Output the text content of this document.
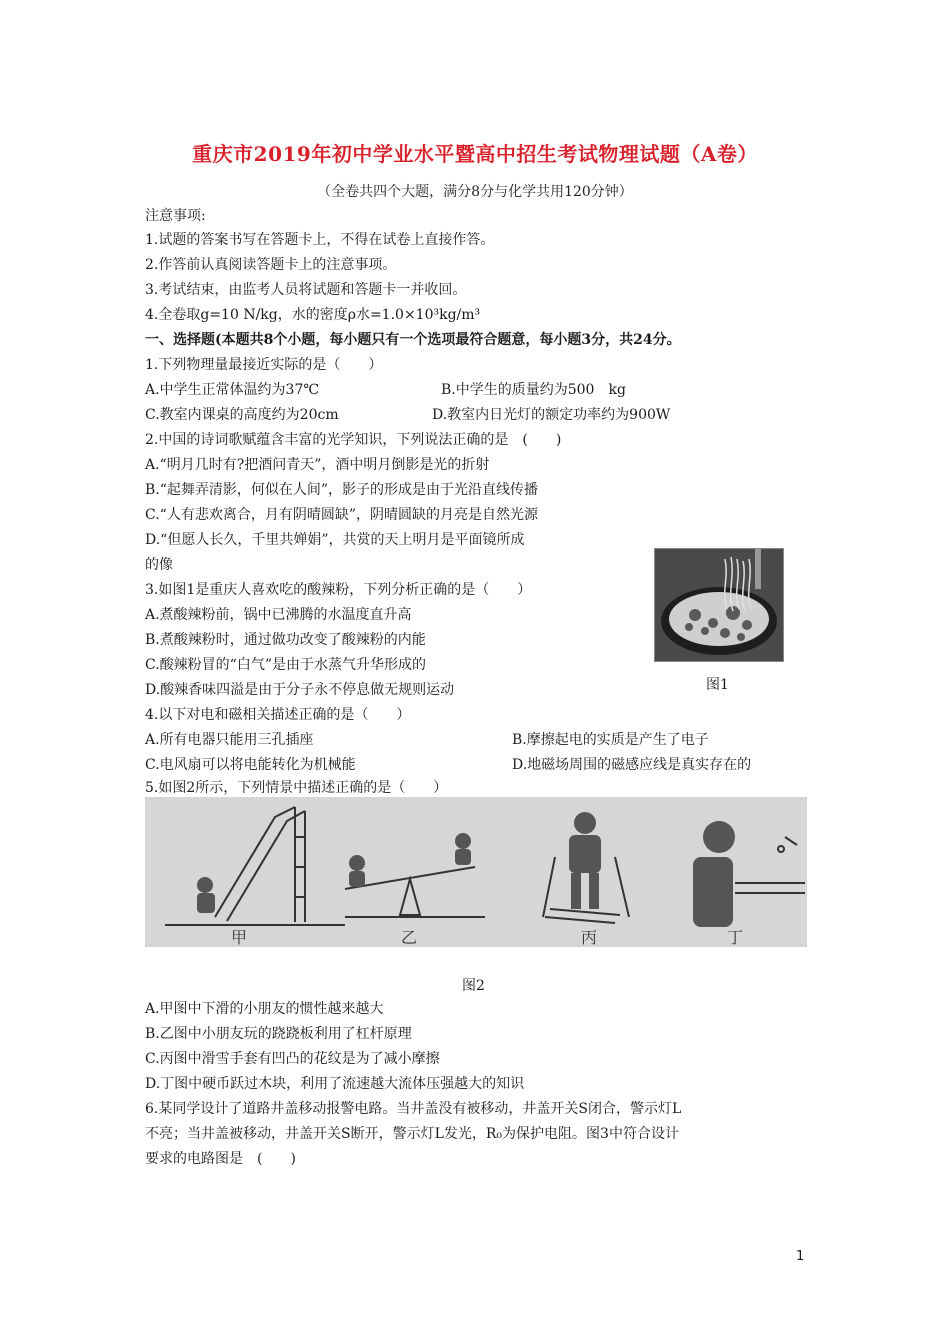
重庆市2019年初中学业水平暨高中招生考试物理试题（A卷）
（全卷共四个大题，满分8分与化学共用120分钟）
注意事项:
1.试题的答案书写在答题卡上，不得在试卷上直接作答。
2.作答前认真阅读答题卡上的注意事项。
3.考试结束，由监考人员将试题和答题卡一并收回。
4.全卷取g=10 N/kg，水的密度ρ水=1.0×10³kg/m³
一、选择题(本题共8个小题，每小题只有一个选项最符合题意，每小题3分，共24分。
1.下列物理量最接近实际的是（　　）
A.中学生正常体温约为37℃	B.中学生的质量约为500　kg
C.教室内课桌的高度约为20cm	D.教室内日光灯的额定功率约为900W
2.中国的诗词歌赋蕴含丰富的光学知识，下列说法正确的是　(　　)
A.“明月几时有?把酒问青天”，酒中明月倒影是光的折射
B.“起舞弄清影，何似在人间”，影子的形成是由于光沿直线传播
C.“人有悲欢离合，月有阴晴圆缺”，阴晴圆缺的月亮是自然光源
D.“但愿人长久，千里共婵娟”，共赏的天上明月是平面镜所成
的像
3.如图1是重庆人喜欢吃的酸辣粉，下列分析正确的是（　　）
A.煮酸辣粉前，锅中已沸腾的水温度直升高
B.煮酸辣粉时，通过做功改变了酸辣粉的内能
C.酸辣粉冒的“白气”是由于水蒸气升华形成的
D.酸辣香味四溢是由于分子永不停息做无规则运动	图1
4.以下对电和磁相关描述正确的是（　　）
A.所有电器只能用三孔插座	B.摩擦起电的实质是产生了电子
C.电风扇可以将电能转化为机械能	D.地磁场周围的磁感应线是真实存在的
5.如图2所示，下列情景中描述正确的是（　　）
甲	乙	丙	丁
图2
A.甲图中下滑的小朋友的惯性越来越大
B.乙图中小朋友玩的跷跷板利用了杠杆原理
C.丙图中滑雪手套有凹凸的花纹是为了减小摩擦
D.丁图中硬币跃过木块，利用了流速越大流体压强越大的知识
6.某同学设计了道路井盖移动报警电路。当井盖没有被移动，井盖开关S闭合，警示灯L
不亮；当井盖被移动，井盖开关S断开，警示灯L发光，R₀为保护电阻。图3中符合设计
要求的电路图是　(　　)
1
